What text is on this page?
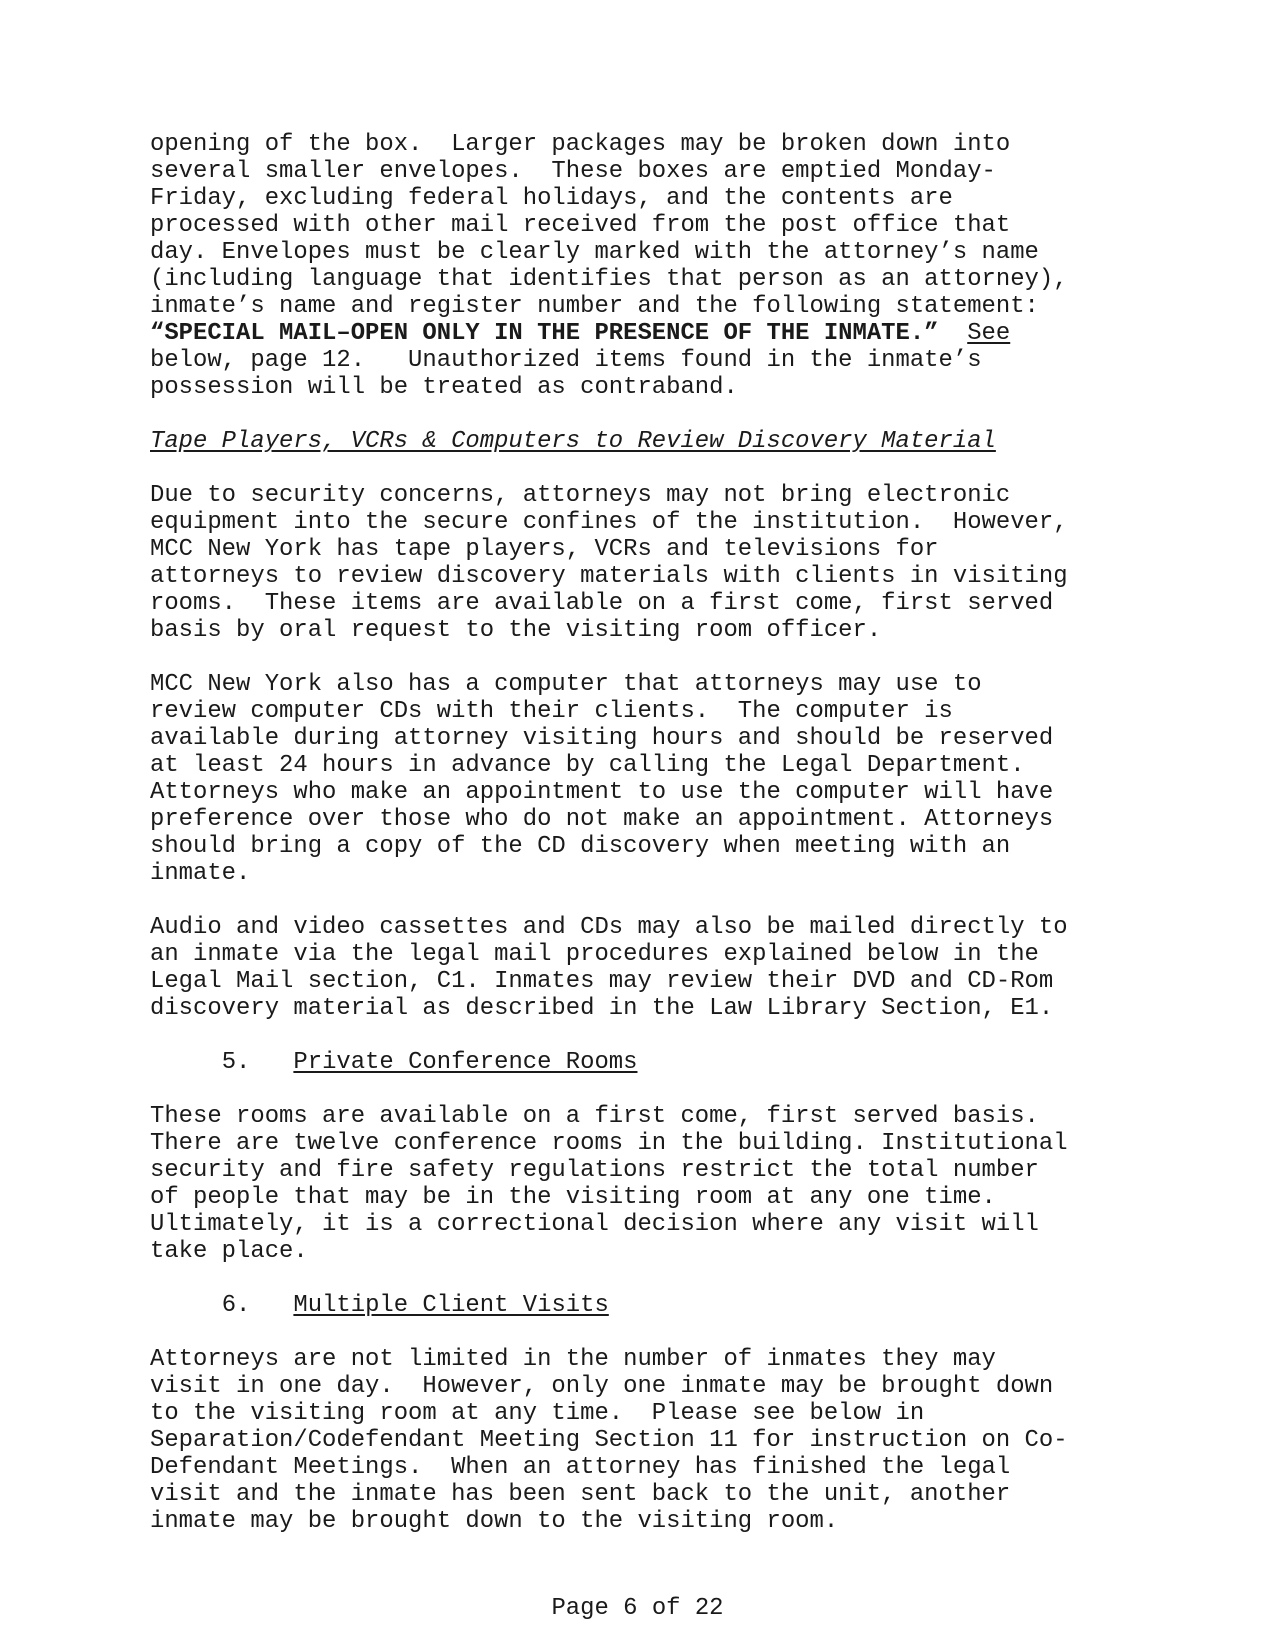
opening of the box.  Larger packages may be broken down into
several smaller envelopes.  These boxes are emptied Monday-
Friday, excluding federal holidays, and the contents are
processed with other mail received from the post office that
day. Envelopes must be clearly marked with the attorney’s name
(including language that identifies that person as an attorney),
inmate’s name and register number and the following statement:
“SPECIAL MAIL–OPEN ONLY IN THE PRESENCE OF THE INMATE.” See
below, page 12.   Unauthorized items found in the inmate’s
possession will be treated as contraband.
Tape Players, VCRs & Computers to Review Discovery Material
Due to security concerns, attorneys may not bring electronic
equipment into the secure confines of the institution.  However,
MCC New York has tape players, VCRs and televisions for
attorneys to review discovery materials with clients in visiting
rooms.  These items are available on a first come, first served
basis by oral request to the visiting room officer.
MCC New York also has a computer that attorneys may use to
review computer CDs with their clients.  The computer is
available during attorney visiting hours and should be reserved
at least 24 hours in advance by calling the Legal Department.
Attorneys who make an appointment to use the computer will have
preference over those who do not make an appointment. Attorneys
should bring a copy of the CD discovery when meeting with an
inmate.
Audio and video cassettes and CDs may also be mailed directly to
an inmate via the legal mail procedures explained below in the
Legal Mail section, C1. Inmates may review their DVD and CD-Rom
discovery material as described in the Law Library Section, E1.
5. Private Conference Rooms
These rooms are available on a first come, first served basis.
There are twelve conference rooms in the building. Institutional
security and fire safety regulations restrict the total number
of people that may be in the visiting room at any one time.
Ultimately, it is a correctional decision where any visit will
take place.
6. Multiple Client Visits
Attorneys are not limited in the number of inmates they may
visit in one day.  However, only one inmate may be brought down
to the visiting room at any time.  Please see below in
Separation/Codefendant Meeting Section 11 for instruction on Co-
Defendant Meetings.  When an attorney has finished the legal
visit and the inmate has been sent back to the unit, another
inmate may be brought down to the visiting room.
Page 6 of 22
